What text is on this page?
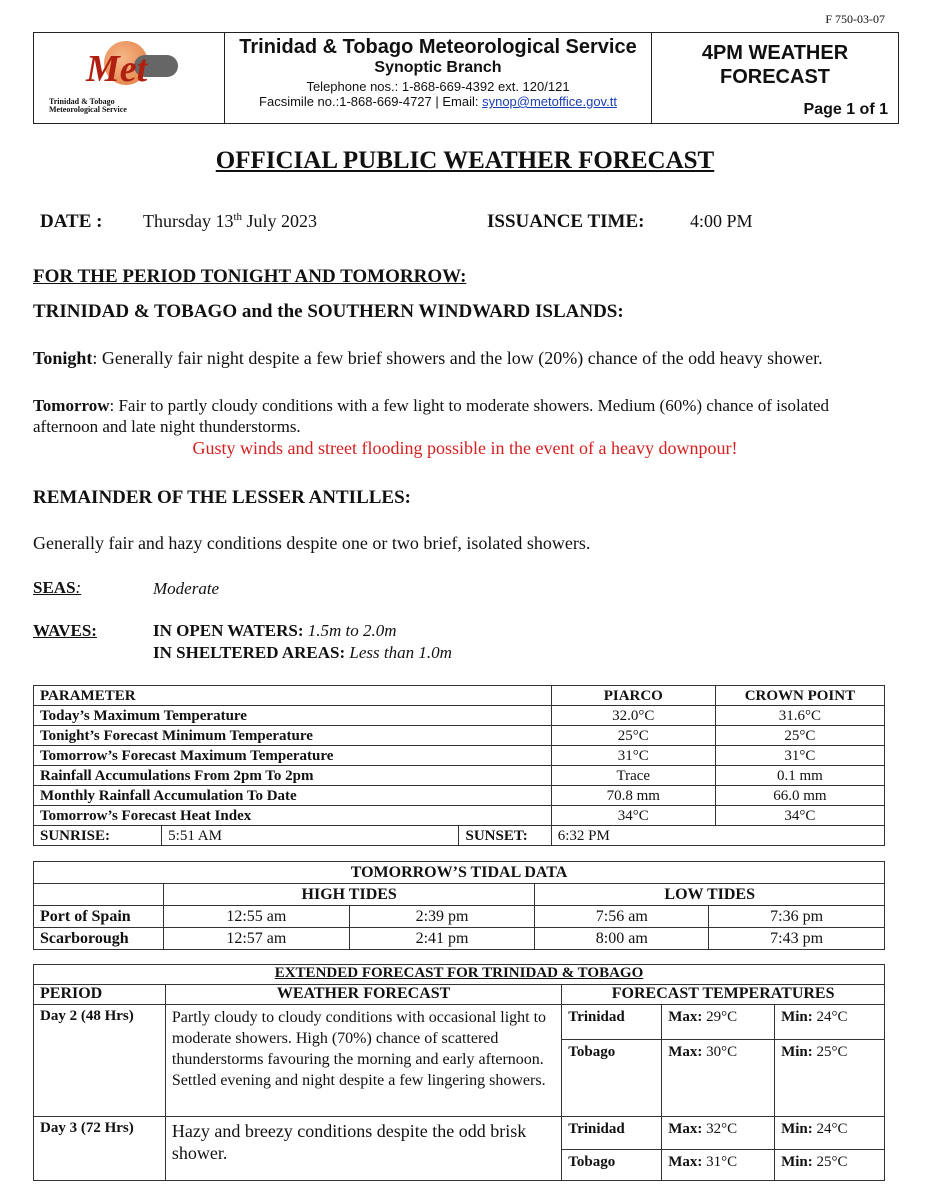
F 750-03-07
Met
Trinidad & Tobago
Meteorological Service
Trinidad & Tobago Meteorological Service
Synoptic Branch
Telephone nos.: 1-868-669-4392 ext. 120/121
Facsimile no.:1-868-669-4727 | Email: synop@metoffice.gov.tt
4PM WEATHER
FORECAST
Page 1 of 1
OFFICIAL PUBLIC WEATHER FORECAST
DATE : Thursday 13th July 2023	ISSUANCE TIME:	4:00 PM
FOR THE PERIOD TONIGHT AND TOMORROW:
TRINIDAD & TOBAGO and the SOUTHERN WINDWARD ISLANDS:
Tonight: Generally fair night despite a few brief showers and the low (20%) chance of the odd heavy shower.
Tomorrow: Fair to partly cloudy conditions with a few light to moderate showers. Medium (60%) chance of isolated afternoon and late night thunderstorms.
Gusty winds and street flooding possible in the event of a heavy downpour!
REMAINDER OF THE LESSER ANTILLES:
Generally fair and hazy conditions despite one or two brief, isolated showers.
SEAS:	Moderate
WAVES:	IN OPEN WATERS: 1.5m to 2.0m
IN SHELTERED AREAS: Less than 1.0m
PARAMETER			PIARCO	CROWN POINT
Today’s Maximum Temperature			32.0°C	31.6°C
Tonight’s Forecast Minimum Temperature			25°C	25°C
Tomorrow’s Forecast Maximum Temperature			31°C	31°C
Rainfall Accumulations From 2pm To 2pm			Trace	0.1 mm
Monthly Rainfall Accumulation To Date			70.8 mm	66.0 mm
Tomorrow’s Forecast Heat Index			34°C	34°C
SUNRISE:	5:51 AM	SUNSET:	6:32 PM	
TOMORROW’S TIDAL DATA				
	HIGH TIDES		LOW TIDES	
Port of Spain	12:55 am	2:39 pm	7:56 am	7:36 pm
Scarborough	12:57 am	2:41 pm	8:00 am	7:43 pm
EXTENDED FORECAST FOR TRINIDAD & TOBAGO				
PERIOD	WEATHER FORECAST	FORECAST TEMPERATURES		
Day 2 (48 Hrs)	Partly cloudy to cloudy conditions with occasional light to moderate showers. High (70%) chance of scattered thunderstorms favouring the morning and early afternoon. Settled evening and night despite a few lingering showers.	Trinidad	Max: 29°C	Min: 24°C
		Tobago	Max: 30°C	Min: 25°C
Day 3 (72 Hrs)	Hazy and breezy conditions despite the odd brisk shower.	Trinidad	Max: 32°C	Min: 24°C
		Tobago	Max: 31°C	Min: 25°C
